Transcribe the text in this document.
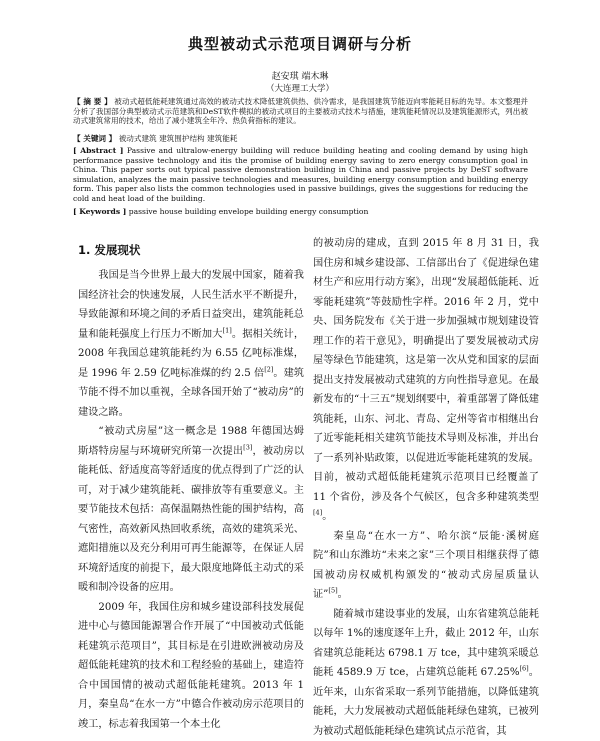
典型被动式示范项目调研与分析
赵安琪 端木琳
（大连理工大学）
【 摘 要 】 被动式超低能耗建筑通过高效的被动式技术降低建筑供热、供冷需求，是我国建筑节能迈向零能耗目标的先导。本文整理并分析了我国部分典型被动式示范建筑和DeST软件模拟的被动式项目的主要被动式技术与措施，建筑能耗情况以及建筑能源形式，列出被动式建筑常用的技术，给出了减小建筑全年冷、热负荷指标的建议。
【 关键词 】 被动式建筑 建筑围护结构 建筑能耗
[ Abstract ] Passive and ultralow-energy building will reduce building heating and cooling demand by using high performance passive technology and itis the promise of building energy saving to zero energy consumption goal in China. This paper sorts out typical passive demonstration building in China and passive projects by DeST software simulation, analyzes the main passive technologies and measures, building energy consumption and building energy form. This paper also lists the common technologies used in passive buildings, gives the suggestions for reducing the cold and heat load of the building.
[ Keywords ] passive house building envelope building energy consumption
1. 发展现状

我国是当今世界上最大的发展中国家，随着我国经济社会的快速发展，人民生活水平不断提升，导致能源和环境之间的矛盾日益突出，建筑能耗总量和能耗强度上行压力不断加大[1]。据相关统计，2008 年我国总建筑能耗约为 6.55 亿吨标准煤，是 1996 年 2.59 亿吨标准煤的约 2.5 倍[2]。建筑节能不得不加以重视，全球各国开始了“被动房”的建设之路。

“被动式房屋”这一概念是 1988 年德国达姆斯塔特房屋与环境研究所第一次提出[3]，被动房以能耗低、舒适度高等舒适度的优点得到了广泛的认可，对于减少建筑能耗、碳排放等有重要意义。主要节能技术包括：高保温隔热性能的围护结构，高气密性，高效新风热回收系统，高效的建筑采光、遮阳措施以及充分利用可再生能源等，在保证人居环境舒适度的前提下，最大限度地降低主动式的采暖和制冷设备的应用。

2009 年，我国住房和城乡建设部科技发展促进中心与德国能源署合作开展了“中国被动式低能耗建筑示范项目”，其目标是在引进欧洲被动房及超低能耗建筑的技术和工程经验的基础上，建造符合中国国情的被动式超低能耗建筑。2013 年 1 月，秦皇岛“在水一方”中德合作被动房示范项目的竣工，标志着我国第一个本土化

的被动房的建成，直到 2015 年 8 月 31 日，我国住房和城乡建设部、工信部出台了《促进绿色建材生产和应用行动方案》，出现“发展超低能耗、近零能耗建筑”等鼓励性字样。2016 年 2 月，党中央、国务院发布《关于进一步加强城市规划建设管理工作的若干意见》，明确提出了要发展被动式房屋等绿色节能建筑，这是第一次从党和国家的层面提出支持发展被动式建筑的方向性指导意见。在最新发布的“十三五”规划纲要中，着重部署了降低建筑能耗，山东、河北、青岛、定州等省市相继出台了近零能耗相关建筑节能技术导则及标准，并出台了一系列补贴政策，以促进近零能耗建筑的发展。目前，被动式超低能耗建筑示范项目已经覆盖了 11 个省份，涉及各个气候区，包含多种建筑类型[4]。

秦皇岛“在水一方”、哈尔滨“辰能·溪树庭院”和山东潍坊“未来之家”三个项目相继获得了德国被动房权威机构颁发的“被动式房屋质量认证”[5]。

随着城市建设事业的发展，山东省建筑总能耗以每年 1%的速度逐年上升，截止 2012 年，山东省建筑总能耗达 6798.1 万 tce，其中建筑采暖总能耗 4589.9 万 tce，占建筑总能耗 67.25%[6]。近年来，山东省采取一系列节能措施，以降低建筑能耗，大力发展被动式超低能耗绿色建筑，已被列为被动式超低能耗绿色建筑试点示范省，其
